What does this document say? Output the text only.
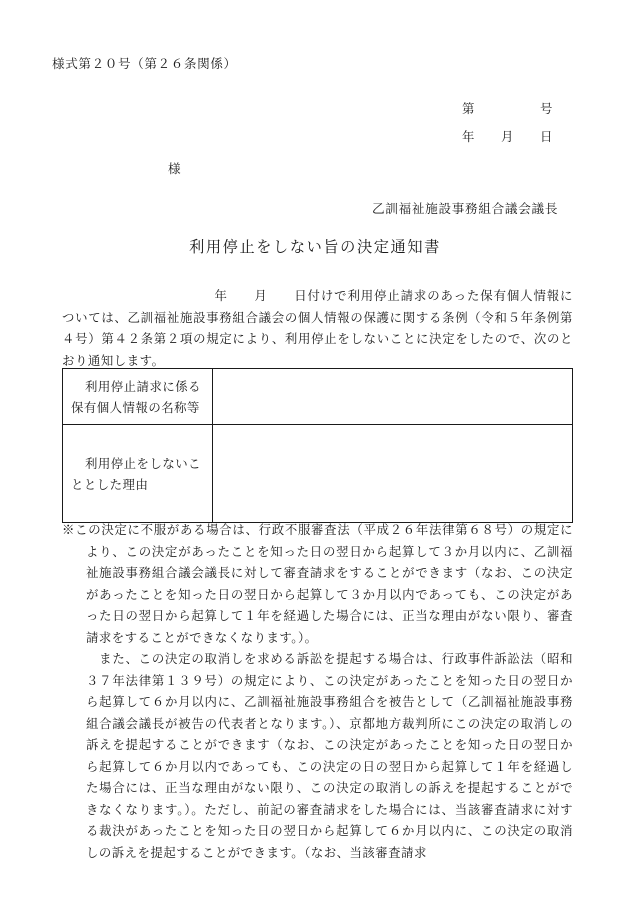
様式第２０号（第２６条関係）
第　　　　　号
年　　月　　日
様
乙訓福祉施設事務組合議会議長
利用停止をしない旨の決定通知書
　　　　　年　　月　　日付けで利用停止請求のあった保有個人情報については、乙訓福祉施設事務組合議会の個人情報の保護に関する条例（令和５年条例第４号）第４２条第２項の規定により、利用停止をしないことに決定をしたので、次のとおり通知します。
利用停止請求に係る保有個人情報の名称等	

利用停止をしないこととした理由	

※この決定に不服がある場合は、行政不服審査法（平成２６年法律第６８号）の規定により、この決定があったことを知った日の翌日から起算して３か月以内に、乙訓福祉施設事務組合議会議長に対して審査請求をすることができます（なお、この決定があったことを知った日の翌日から起算して３か月以内であっても、この決定があった日の翌日から起算して１年を経過した場合には、正当な理由がない限り、審査請求をすることができなくなります。）。
　また、この決定の取消しを求める訴訟を提起する場合は、行政事件訴訟法（昭和３７年法律第１３９号）の規定により、この決定があったことを知った日の翌日から起算して６か月以内に、乙訓福祉施設事務組合を被告として（乙訓福祉施設事務組合議会議長が被告の代表者となります。）、京都地方裁判所にこの決定の取消しの訴えを提起することができます（なお、この決定があったことを知った日の翌日から起算して６か月以内であっても、この決定の日の翌日から起算して１年を経過した場合には、正当な理由がない限り、この決定の取消しの訴えを提起することができなくなります。）。ただし、前記の審査請求をした場合には、当該審査請求に対する裁決があったことを知った日の翌日から起算して６か月以内に、この決定の取消しの訴えを提起することができます。（なお、当該審査請求
